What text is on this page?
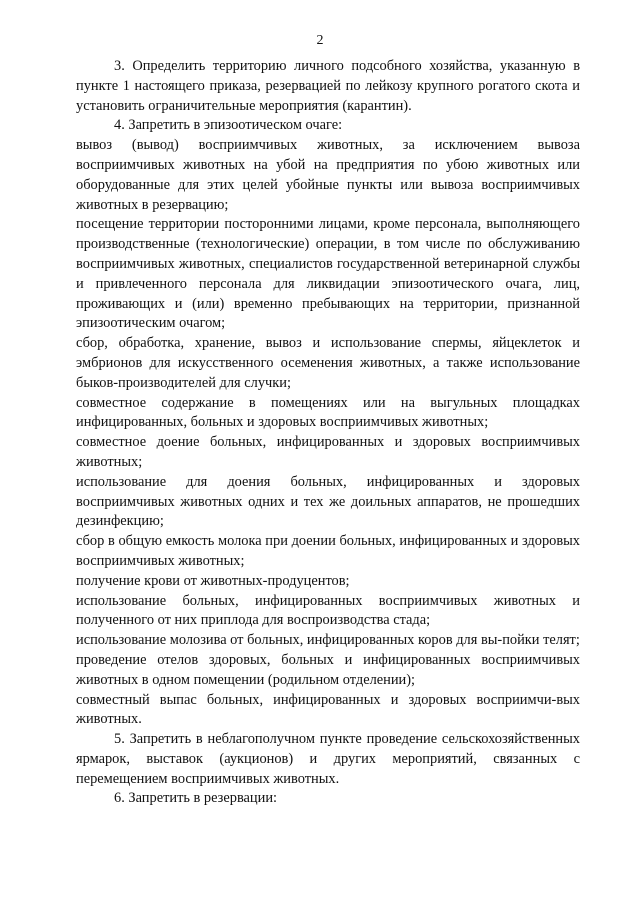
2

3. Определить территорию личного подсобного хозяйства, указанную в пункте 1 настоящего приказа, резервацией по лейкозу крупного рогатого скота и установить ограничительные мероприятия (карантин).

4. Запретить в эпизоотическом очаге:

вывоз (вывод) восприимчивых животных, за исключением вывоза восприимчивых животных на убой на предприятия по убою животных или оборудованные для этих целей убойные пункты или вывоза восприимчивых животных в резервацию;

посещение территории посторонними лицами, кроме персонала, выполняющего производственные (технологические) операции, в том числе по обслуживанию восприимчивых животных, специалистов государственной ветеринарной службы и привлеченного персонала для ликвидации эпизоотического очага, лиц, проживающих и (или) временно пребывающих на территории, признанной эпизоотическим очагом;

сбор, обработка, хранение, вывоз и использование спермы, яйцеклеток и эмбрионов для искусственного осеменения животных, а также использование быков-производителей для случки;

совместное содержание в помещениях или на выгульных площадках инфицированных, больных и здоровых восприимчивых животных;

совместное доение больных, инфицированных и здоровых восприимчивых животных;

использование для доения больных, инфицированных и здоровых восприимчивых животных одних и тех же доильных аппаратов, не прошедших дезинфекцию;

сбор в общую емкость молока при доении больных, инфицированных и здоровых восприимчивых животных;

получение крови от животных-продуцентов;

использование больных, инфицированных восприимчивых животных и полученного от них приплода для воспроизводства стада;

использование молозива от больных, инфицированных коров для вы-пойки телят;

проведение отелов здоровых, больных и инфицированных восприимчивых животных в одном помещении (родильном отделении);

совместный выпас больных, инфицированных и здоровых восприимчи-вых животных.

5. Запретить в неблагополучном пункте проведение сельскохозяйственных ярмарок, выставок (аукционов) и других мероприятий, связанных с перемещением восприимчивых животных.

6. Запретить в резервации:
